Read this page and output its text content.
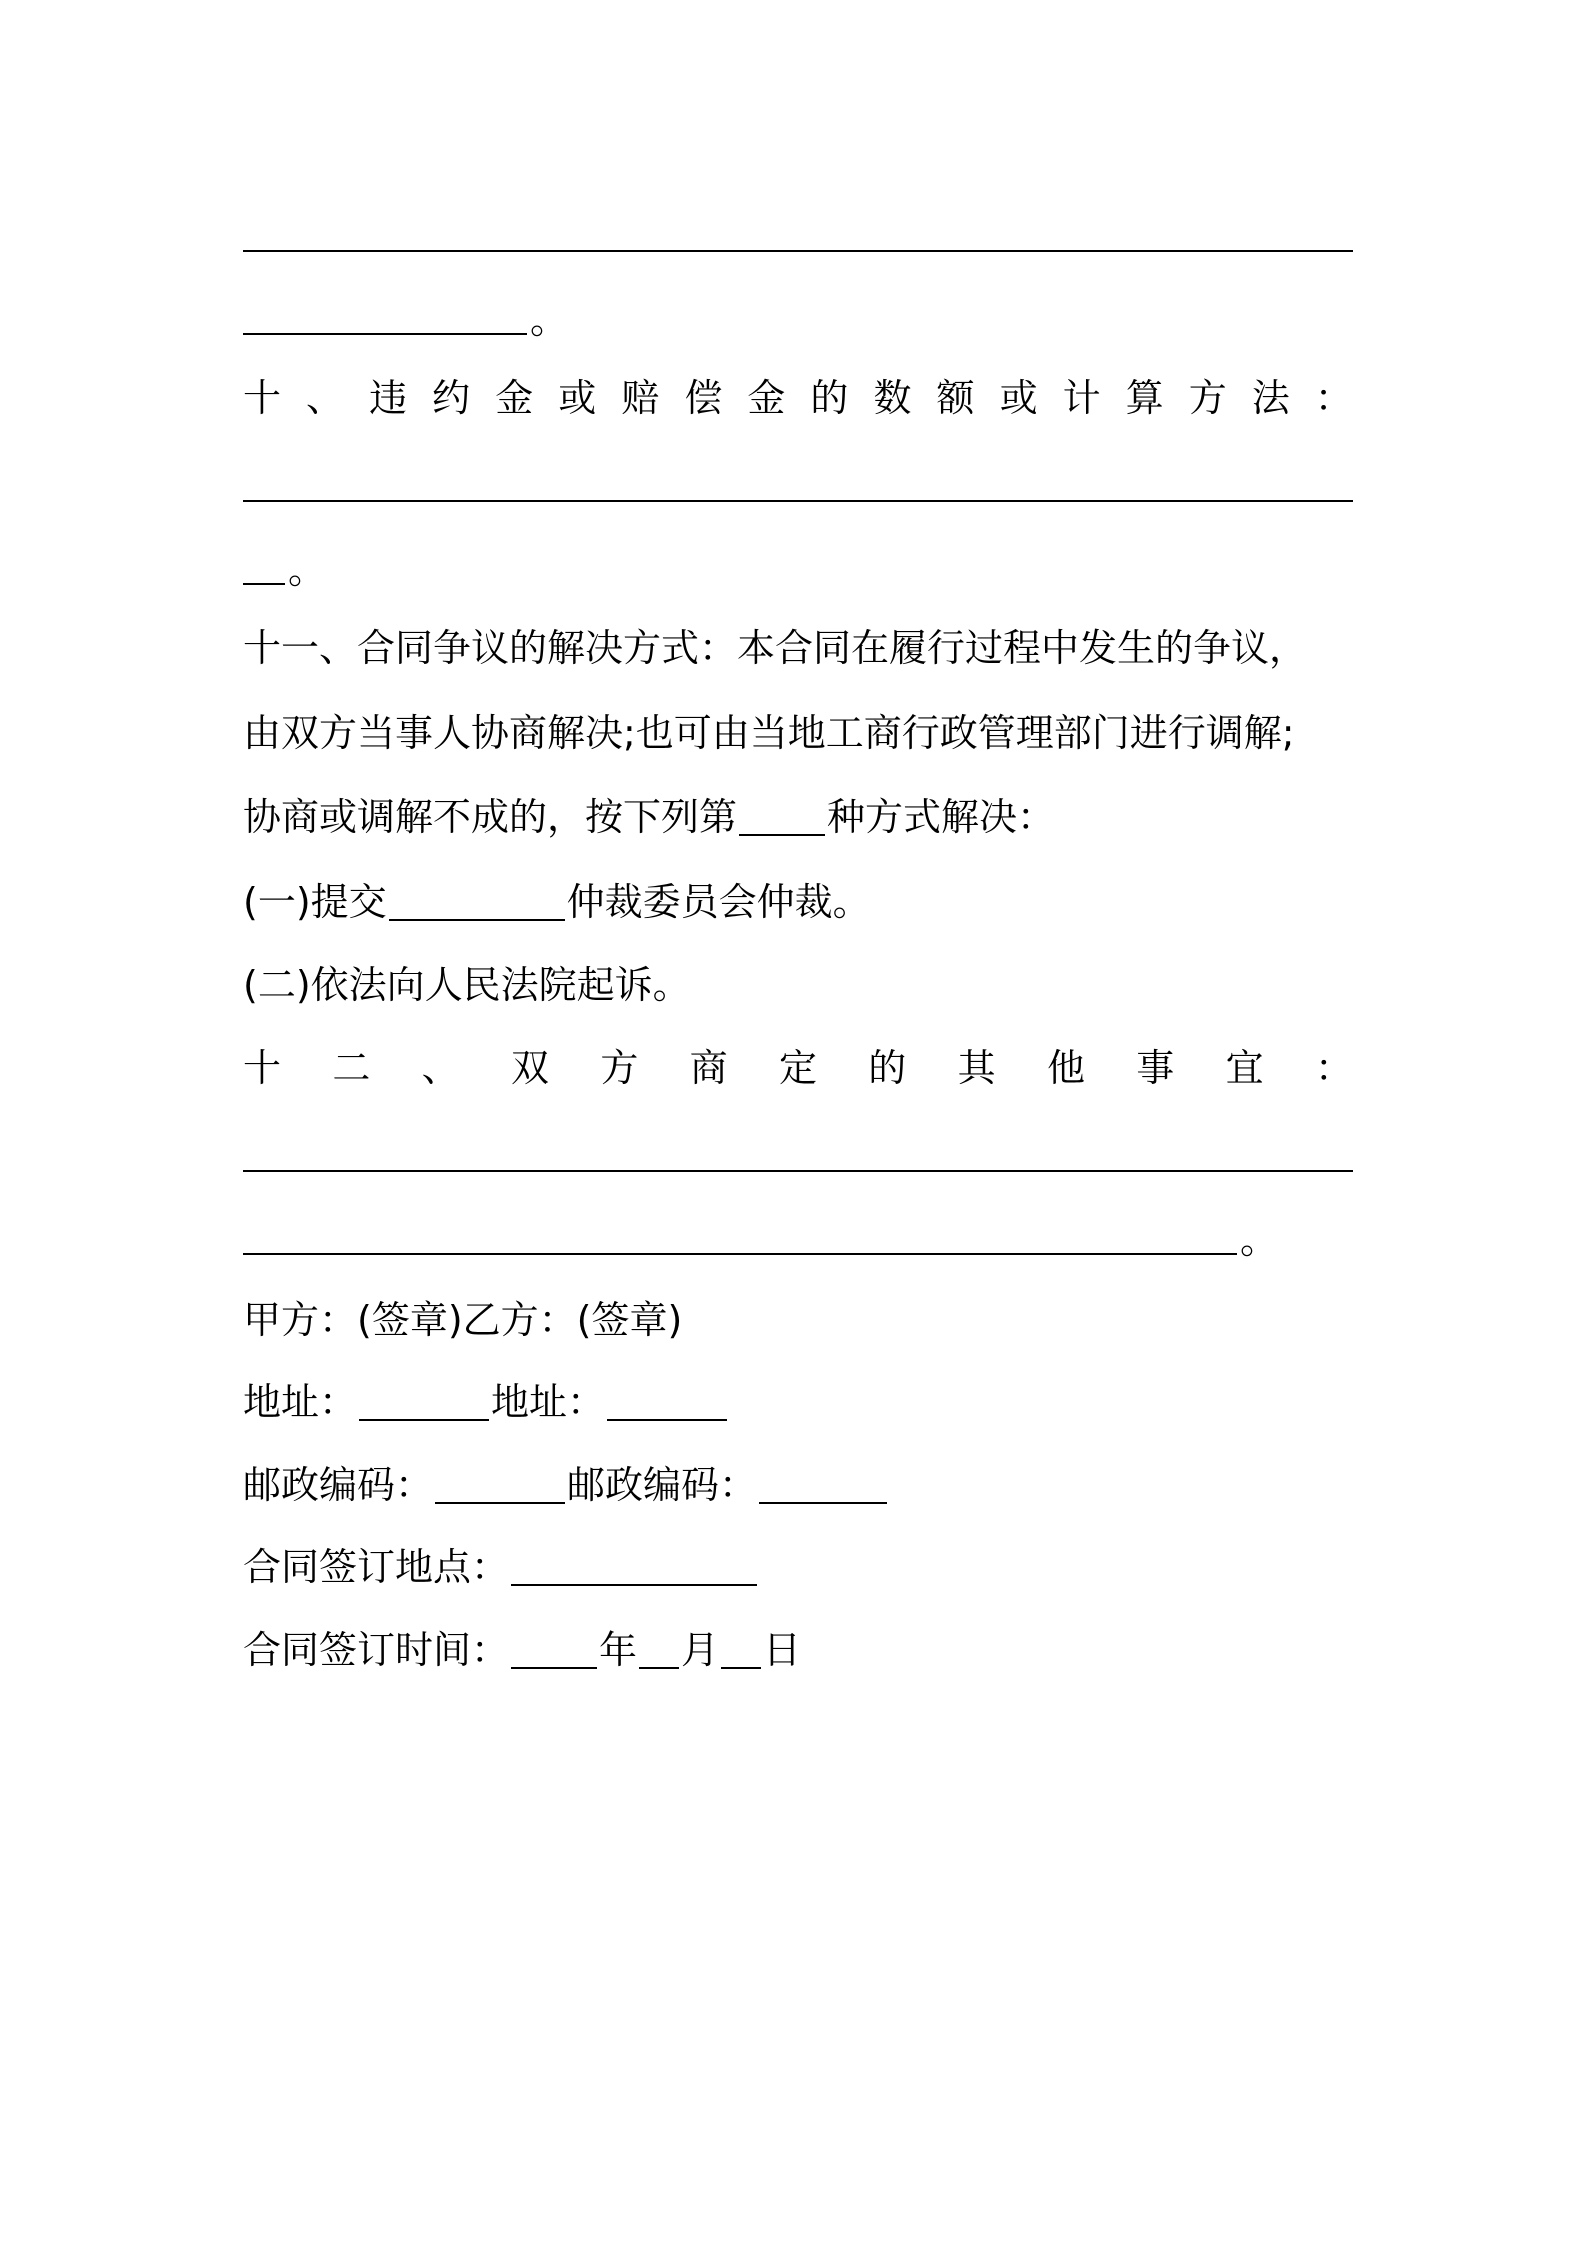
。
十 、 违 约 金 或 赔 偿 金 的 数 额 或 计 算 方 法 ：
。
十一、合同争议的解决方式：本合同在履行过程中发生的争议，
由双方当事人协商解决;也可由当地工商行政管理部门进行调解;
协商或调解不成的，按下列第 种方式解决：
(一)提交	仲裁委员会仲裁。
(二)依法向人民法院起诉。
十 二 、 双 方 商 定 的 其 他 事 宜 ：
。
甲方：(签章)乙方：(签章)
地址：	地址：
邮政编码：	邮政编码：
合同签订地点：
合同签订时间： 年 月 日
